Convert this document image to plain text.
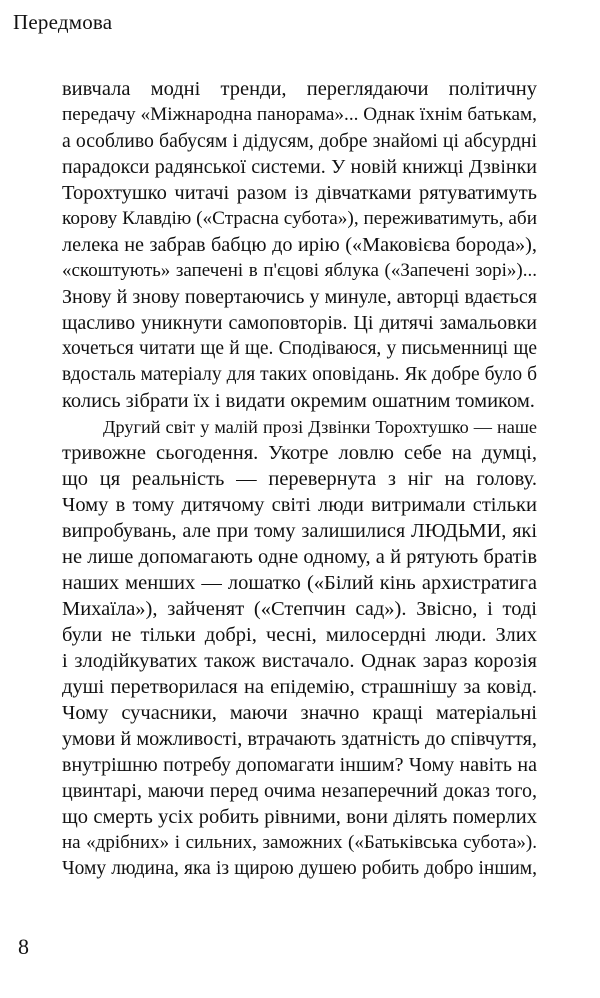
Передмова
вивчала модні тренди, переглядаючи політичну
передачу «Міжнародна панорама»... Однак їхнім батькам,
а особливо бабусям і дідусям, добре знайомі ці абсурдні
парадокси радянської системи. У новій книжці Дзвінки
Торохтушко читачі разом із дівчатками рятуватимуть
корову Клавдію («Страсна субота»), переживатимуть, аби
лелека не забрав бабцю до ирію («Маковієва борода»),
«скоштують» запечені в п'єцові яблука («Запечені зорі»)...
Знову й знову повертаючись у минуле, авторці вдається
щасливо уникнути самоповторів. Ці дитячі замальовки
хочеться читати ще й ще. Сподіваюся, у письменниці ще
вдосталь матеріалу для таких оповідань. Як добре було б
колись зібрати їх і видати окремим ошатним томиком.
Другий світ у малій прозі Дзвінки Торохтушко — наше
тривожне сьогодення. Укотре ловлю себе на думці,
що ця реальність — перевернута з ніг на голову.
Чому в тому дитячому світі люди витримали стільки
випробувань, але при тому залишилися ЛЮДЬМИ, які
не лише допомагають одне одному, а й рятують братів
наших менших — лошатко («Білий кінь архистратига
Михаїла»), зайченят («Степчин сад»). Звісно, і тоді
були не тільки добрі, чесні, милосердні люди. Злих
і злодійкуватих також вистачало. Однак зараз корозія
душі перетворилася на епідемію, страшнішу за ковід.
Чому сучасники, маючи значно кращі матеріальні
умови й можливості, втрачають здатність до співчуття,
внутрішню потребу допомагати іншим? Чому навіть на
цвинтарі, маючи перед очима незаперечний доказ того,
що смерть усіх робить рівними, вони ділять померлих
на «дрібних» і сильних, заможних («Батьківська субота»).
Чому людина, яка із щирою душею робить добро іншим,
8
